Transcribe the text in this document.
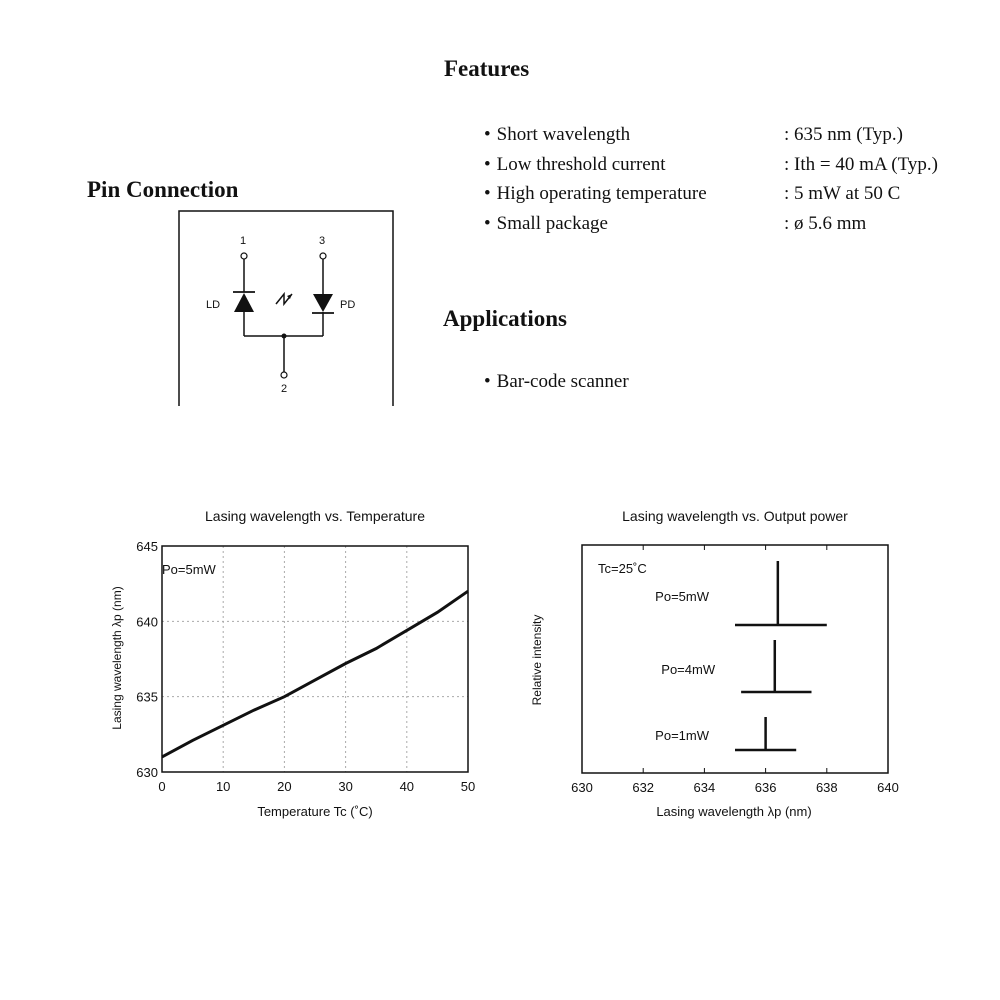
Features
• Short wavelength	: 635 nm (Typ.)
• Low threshold current	: Ith = 40 mA (Typ.)
• High operating temperature	: 5 mW at 50 C
• Small package	: ø 5.6 mm
Pin Connection
Applications
• Bar-code scanner
1	3
2
LD	PD
Lasing wavelength vs. Temperature
Po=5mW
Temperature Tc (˚C)
Lasing wavelength λp (nm)
0	10	20	30	40	50
630
635
640
645
Lasing wavelength vs. Output power
Tc=25˚C
Lasing wavelength λp (nm)
Relative intensity
630	632	634	636	638	640
Po=5mW
Po=4mW
Po=1mW
